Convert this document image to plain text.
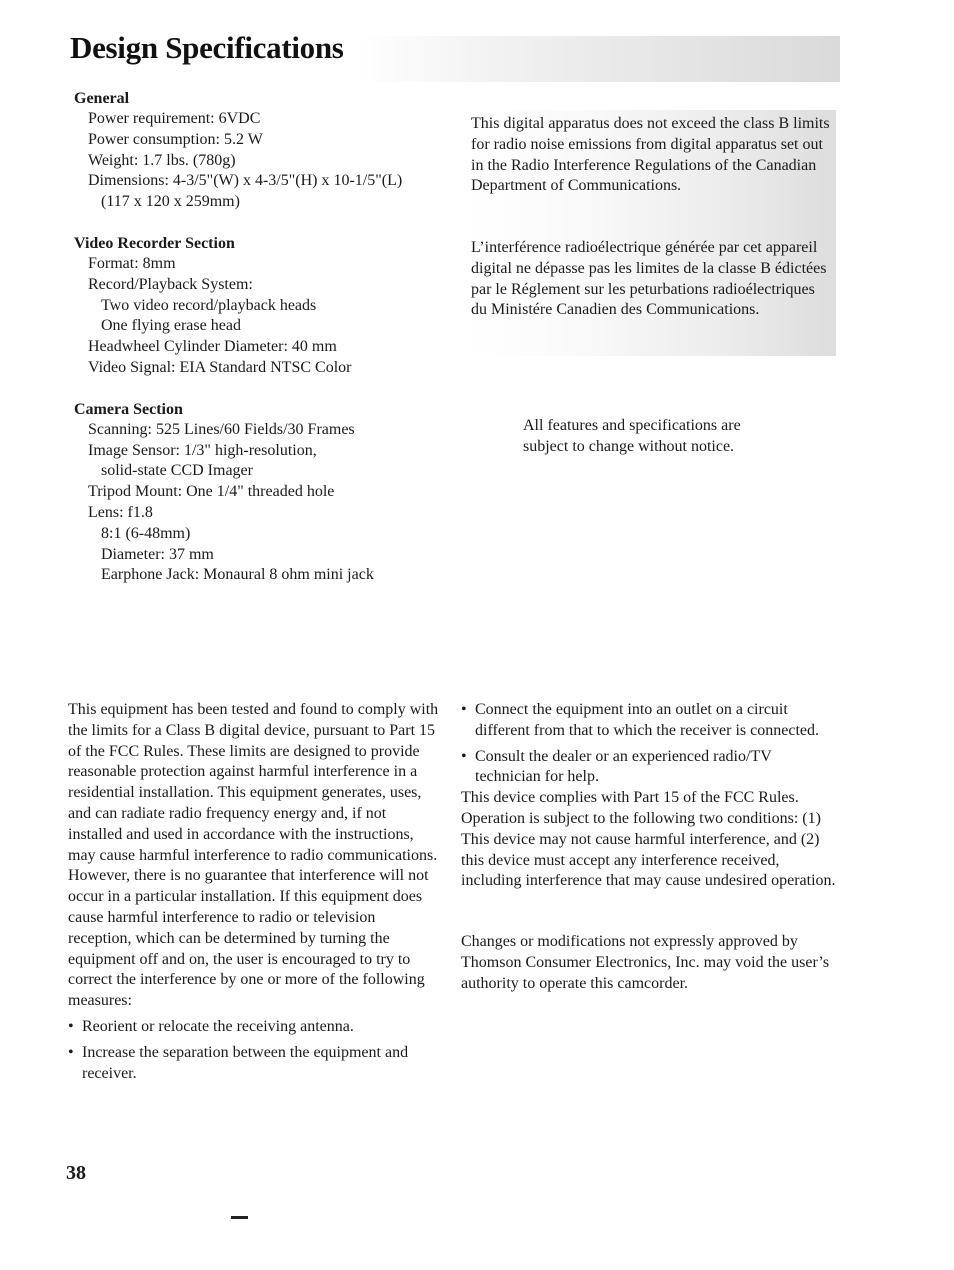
Design Specifications
General
Power requirement: 6VDC
Power consumption: 5.2 W
Weight: 1.7 lbs. (780g)
Dimensions: 4-3/5"(W) x 4-3/5"(H) x 10-1/5"(L)
(117 x 120 x 259mm)
Video Recorder Section
Format: 8mm
Record/Playback System:
Two video record/playback heads
One flying erase head
Headwheel Cylinder Diameter: 40 mm
Video Signal: EIA Standard NTSC Color
Camera Section
Scanning: 525 Lines/60 Fields/30 Frames
Image Sensor: 1/3" high-resolution,
solid-state CCD Imager
Tripod Mount: One 1/4" threaded hole
Lens: f1.8
8:1 (6-48mm)
Diameter: 37 mm
Earphone Jack: Monaural 8 ohm mini jack

This digital apparatus does not exceed the class B limits for radio noise emissions from digital apparatus set out in the Radio Interference Regulations of the Canadian Department of Communications.

L’interférence radioélectrique générée par cet appareil digital ne dépasse pas les limites de la classe B édictées par le Réglement sur les peturbations radioélectriques du Ministére Canadien des Communications.

All features and specifications are subject to change without notice.

This equipment has been tested and found to comply with the limits for a Class B digital device, pursuant to Part 15 of the FCC Rules. These limits are designed to provide reasonable protection against harmful interference in a residential installation. This equipment generates, uses, and can radiate radio frequency energy and, if not installed and used in accordance with the instructions, may cause harmful interference to radio communications. However, there is no guarantee that interference will not occur in a particular installation. If this equipment does cause harmful interference to radio or television reception, which can be determined by turning the equipment off and on, the user is encouraged to try to correct the interference by one or more of the following measures:

• Reorient or relocate the receiving antenna.
• Increase the separation between the equipment and receiver.
• Connect the equipment into an outlet on a circuit different from that to which the receiver is connected.
• Consult the dealer or an experienced radio/TV technician for help.

This device complies with Part 15 of the FCC Rules. Operation is subject to the following two conditions: (1) This device may not cause harmful interference, and (2) this device must accept any interference received, including interference that may cause undesired operation.

Changes or modifications not expressly approved by Thomson Consumer Electronics, Inc. may void the user’s authority to operate this camcorder.

38
